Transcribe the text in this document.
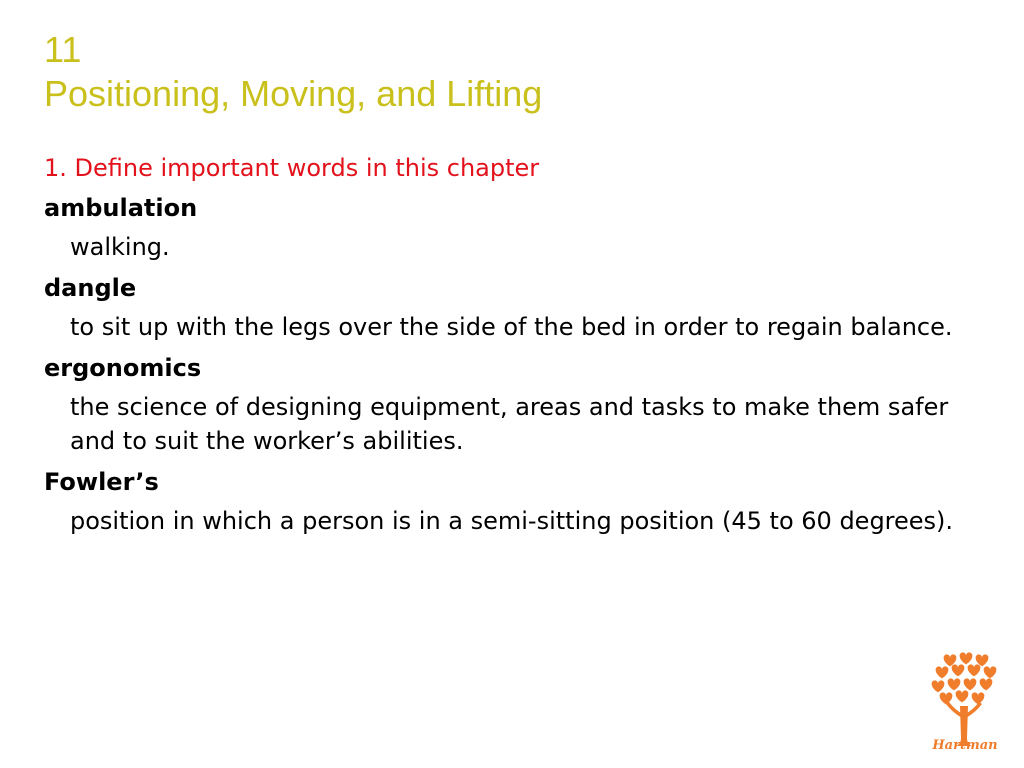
11
Positioning, Moving, and Lifting
1. Define important words in this chapter
ambulation
walking.
dangle
to sit up with the legs over the side of the bed in order to regain balance.
ergonomics
the science of designing equipment, areas and tasks to make them safer and to suit the worker’s abilities.
Fowler’s
position in which a person is in a semi-sitting position (45 to 60 degrees).
Hartman
